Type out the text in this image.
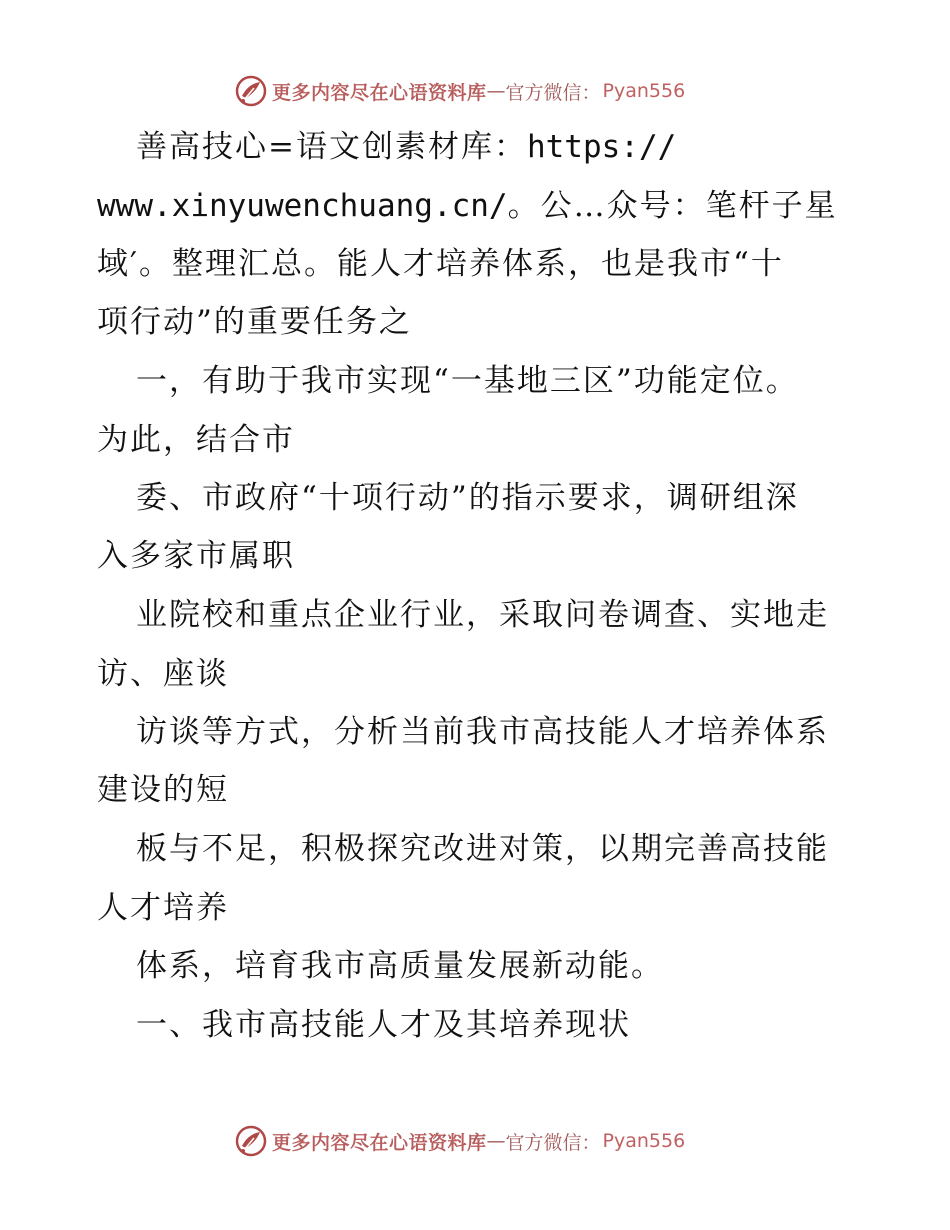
更多内容尽在心语资料库 — 官方微信： Pyan556
善高技心=语文创素材库：https://
www.xinyuwenchuang.cn/。公…众号：笔杆子星
域′。整理汇总。能人才培养体系，也是我市“十
项行动”的重要任务之
一，有助于我市实现“一基地三区”功能定位。
为此，结合市
委、市政府“十项行动”的指示要求，调研组深
入多家市属职
业院校和重点企业行业，采取问卷调查、实地走
访、座谈
访谈等方式，分析当前我市高技能人才培养体系
建设的短
板与不足，积极探究改进对策，以期完善高技能
人才培养
体系，培育我市高质量发展新动能。
一、我市高技能人才及其培养现状
更多内容尽在心语资料库 — 官方微信： Pyan556
